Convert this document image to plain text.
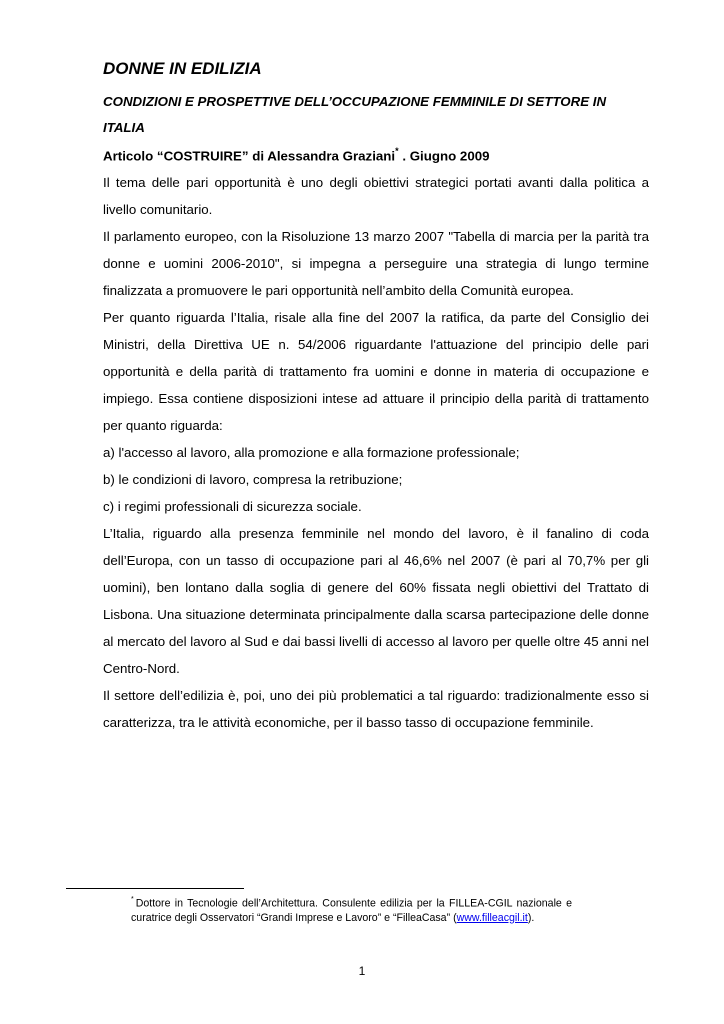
DONNE IN EDILIZIA
CONDIZIONI E PROSPETTIVE DELL’OCCUPAZIONE FEMMINILE DI SETTORE IN ITALIA
Articolo “COSTRUIRE” di Alessandra Graziani* . Giugno 2009

Il tema delle pari opportunità è uno degli obiettivi strategici portati avanti dalla politica a livello comunitario.

Il parlamento europeo, con la Risoluzione 13 marzo 2007 "Tabella di marcia per la parità tra donne e uomini 2006-2010", si impegna a perseguire una strategia di lungo termine finalizzata a promuovere le pari opportunità nell’ambito della Comunità europea.

Per quanto riguarda l’Italia, risale alla fine del 2007 la ratifica, da parte del Consiglio dei Ministri, della Direttiva UE n. 54/2006 riguardante l'attuazione del principio delle pari opportunità e della parità di trattamento fra uomini e donne in materia di occupazione e impiego. Essa contiene disposizioni intese ad attuare il principio della parità di trattamento per quanto riguarda:

a) l'accesso al lavoro, alla promozione e alla formazione professionale;

b) le condizioni di lavoro, compresa la retribuzione;

c) i regimi professionali di sicurezza sociale.

L’Italia, riguardo alla presenza femminile nel mondo del lavoro, è il fanalino di coda dell’Europa, con un tasso di occupazione pari al 46,6% nel 2007 (è pari al 70,7% per gli uomini), ben lontano dalla soglia di genere del 60% fissata negli obiettivi del Trattato di Lisbona. Una situazione determinata principalmente dalla scarsa partecipazione delle donne al mercato del lavoro al Sud e dai bassi livelli di accesso al lavoro per quelle oltre 45 anni nel Centro-Nord.

Il settore dell’edilizia è, poi, uno dei più problematici a tal riguardo: tradizionalmente esso si caratterizza, tra le attività economiche, per il basso tasso di occupazione femminile.

* Dottore in Tecnologie dell’Architettura. Consulente edilizia per la FILLEA-CGIL nazionale e curatrice degli Osservatori “Grandi Imprese e Lavoro” e “FilleaCasa” (www.filleacgil.it).

1
